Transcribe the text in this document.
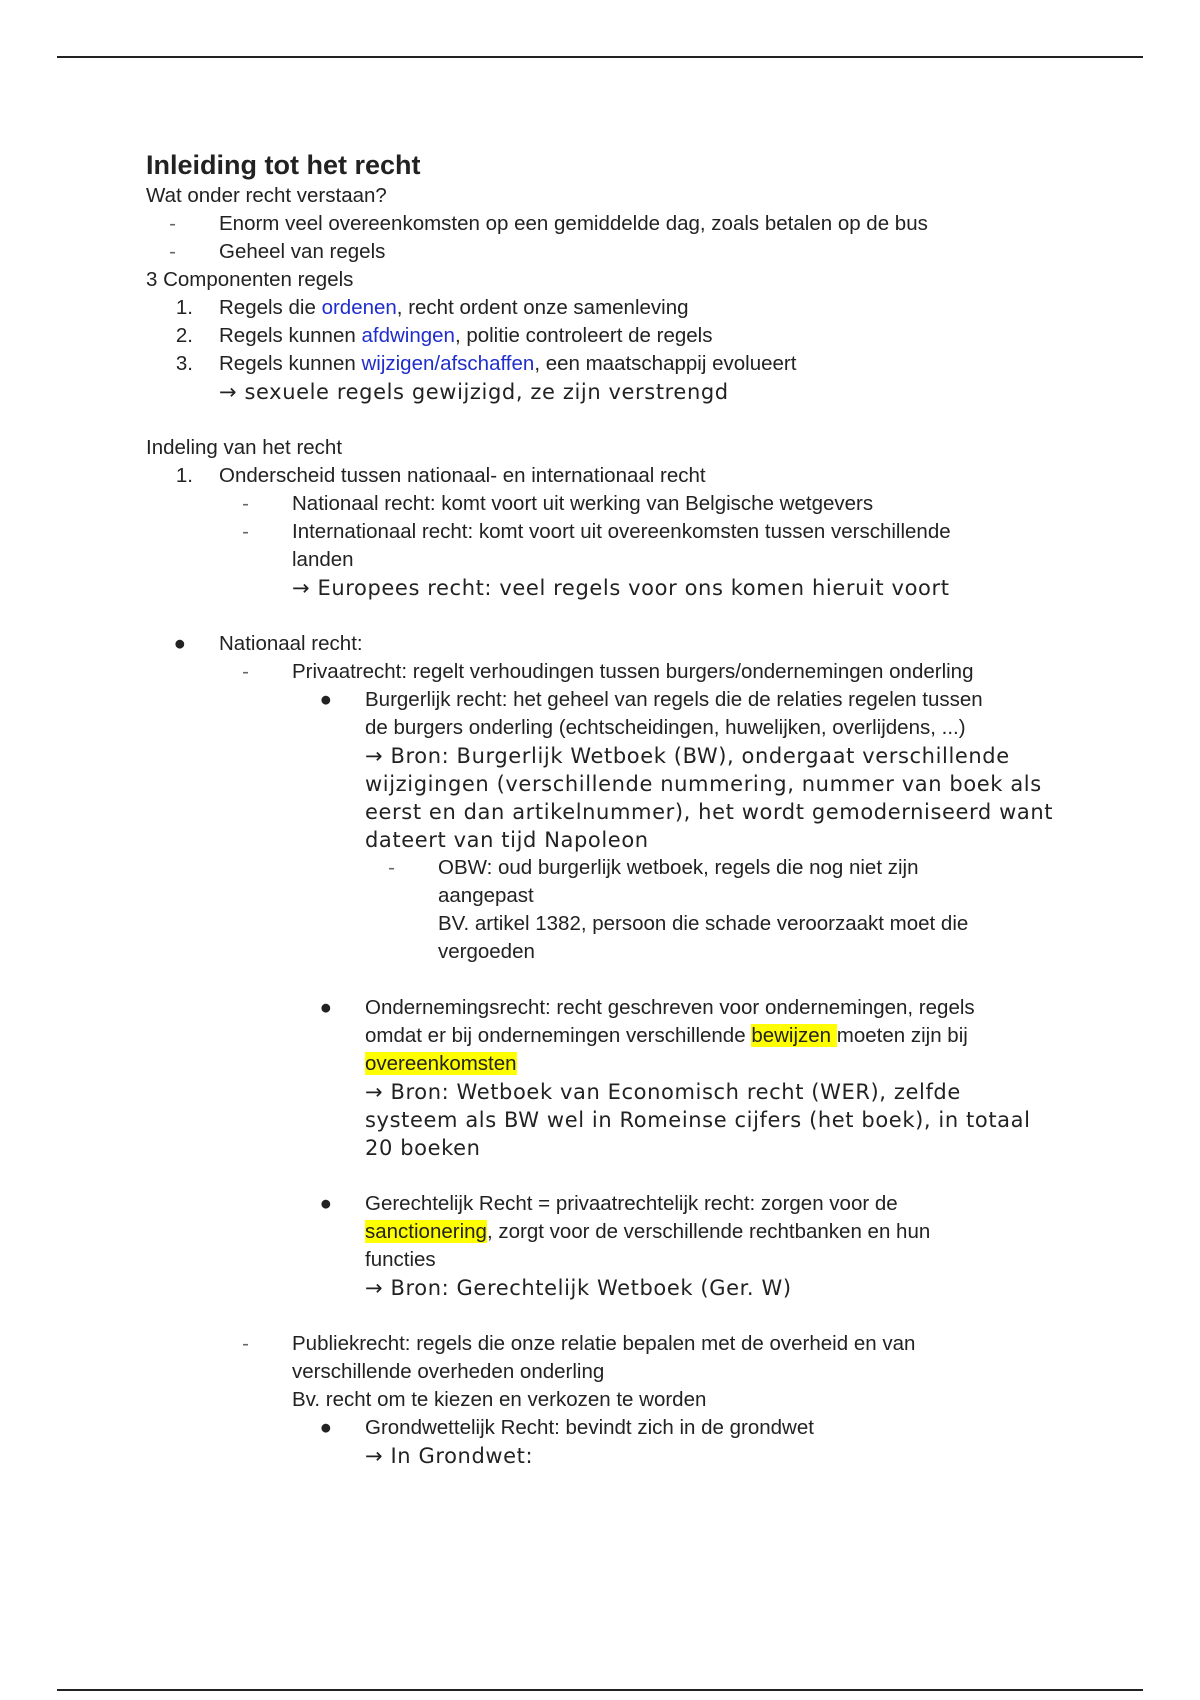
Inleiding tot het recht
Wat onder recht verstaan?
- Enorm veel overeenkomsten op een gemiddelde dag, zoals betalen op de bus
- Geheel van regels
3 Componenten regels
1. Regels die ordenen, recht ordent onze samenleving
2. Regels kunnen afdwingen, politie controleert de regels
3. Regels kunnen wijzigen/afschaffen, een maatschappij evolueert
→ sexuele regels gewijzigd, ze zijn verstrengd
Indeling van het recht
1. Onderscheid tussen nationaal- en internationaal recht
- Nationaal recht: komt voort uit werking van Belgische wetgevers
- Internationaal recht: komt voort uit overeenkomsten tussen verschillende
landen
→ Europees recht: veel regels voor ons komen hieruit voort
● Nationaal recht:
- Privaatrecht: regelt verhoudingen tussen burgers/ondernemingen onderling
● Burgerlijk recht: het geheel van regels die de relaties regelen tussen
de burgers onderling (echtscheidingen, huwelijken, overlijdens, ...)
→ Bron: Burgerlijk Wetboek (BW), ondergaat verschillende
wijzigingen (verschillende nummering, nummer van boek als
eerst en dan artikelnummer), het wordt gemoderniseerd want
dateert van tijd Napoleon
- OBW: oud burgerlijk wetboek, regels die nog niet zijn
aangepast
BV. artikel 1382, persoon die schade veroorzaakt moet die
vergoeden
● Ondernemingsrecht: recht geschreven voor ondernemingen, regels
omdat er bij ondernemingen verschillende bewijzen moeten zijn bij
overeenkomsten
→ Bron: Wetboek van Economisch recht (WER), zelfde
systeem als BW wel in Romeinse cijfers (het boek), in totaal
20 boeken
● Gerechtelijk Recht = privaatrechtelijk recht: zorgen voor de
sanctionering, zorgt voor de verschillende rechtbanken en hun
functies
→ Bron: Gerechtelijk Wetboek (Ger. W)
- Publiekrecht: regels die onze relatie bepalen met de overheid en van
verschillende overheden onderling
Bv. recht om te kiezen en verkozen te worden
● Grondwettelijk Recht: bevindt zich in de grondwet
→ In Grondwet:
